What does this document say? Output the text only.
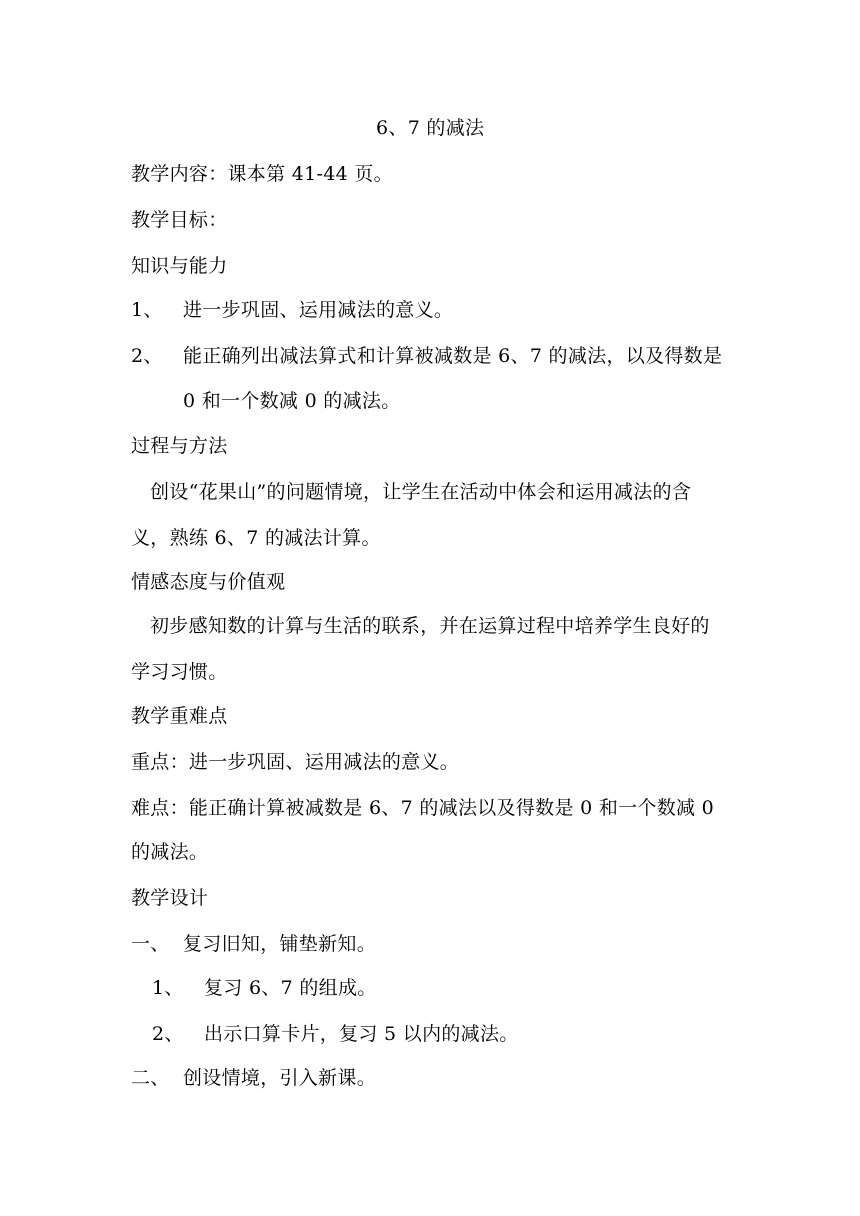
6、7 的减法
教学内容：课本第 41-44 页。
教学目标：
知识与能力
1、 进一步巩固、运用减法的意义。
2、 能正确列出减法算式和计算被减数是 6、7 的减法，以及得数是
0 和一个数减 0 的减法。
过程与方法
创设“花果山”的问题情境，让学生在活动中体会和运用减法的含
义，熟练 6、7 的减法计算。
情感态度与价值观
初步感知数的计算与生活的联系，并在运算过程中培养学生良好的
学习习惯。
教学重难点
重点：进一步巩固、运用减法的意义。
难点：能正确计算被减数是 6、7 的减法以及得数是 0 和一个数减 0
的减法。
教学设计
一、 复习旧知，铺垫新知。
1、 复习 6、7 的组成。
2、 出示口算卡片，复习 5 以内的减法。
二、 创设情境，引入新课。
